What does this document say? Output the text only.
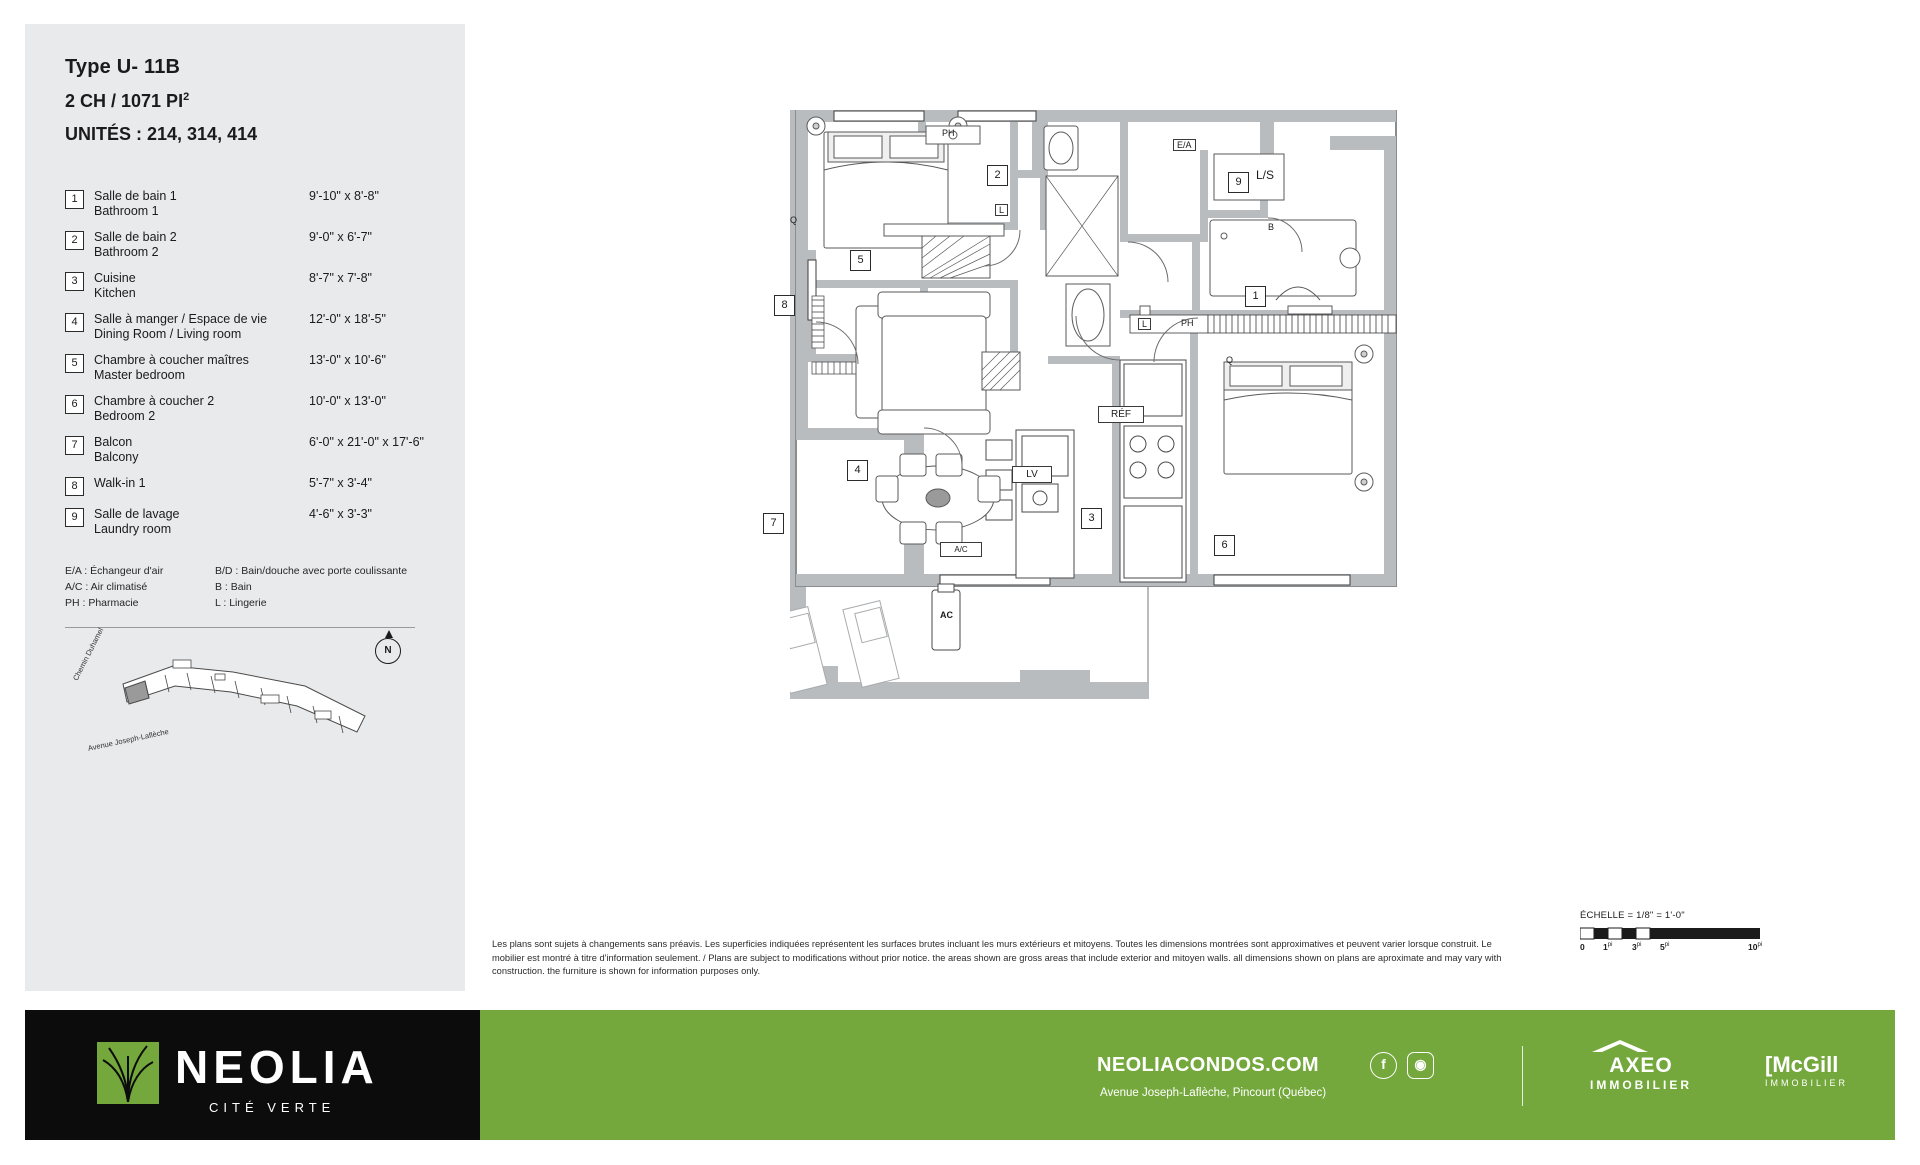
Type U- 11B
2 CH / 1071 $PI^2$
UNITÉS : 214, 314, 414
1	Salle de bain 1
Bathroom 1
9'-10" x 8'-8"
2	Salle de bain 2
Bathroom 2
9'-0" x 6'-7"
3	Cuisine
Kitchen
8'-7" x 7'-8"
4	Salle à manger / Espace de vie
Dining Room / Living room
12'-0" x 18'-5"
5	Chambre à coucher maîtres
Master bedroom
13'-0" x 10'-6"
6	Chambre à coucher 2
Bedroom 2
10'-0" x 13'-0"
7	Balcon
Balcony
6'-0" x 21'-0" x 17'-6"
8	Walk-in 1	5'-7" x 3'-4"
9	Salle de lavage
Laundry room
4'-6" x 3'-3"
E/A : Échangeur d'air
A/C : Air climatisé
PH : Pharmacie
B/D : Bain/douche avec porte coulissante
B : Bain
L : Lingerie
N
Chemin Duhamel
Avenue Joseph-Laflèche
1
2
3
4
5
6
7
8
9
PH
L
E/A
L/S
B
L	PH
Q
Q
RÉF
LV
A/C
AC
Les plans sont sujets à changements sans préavis. Les superficies indiquées représentent les surfaces brutes incluant les murs extérieurs et mitoyens. Toutes les dimensions montrées sont approximatives et peuvent varier lorsque construit. Le mobilier est montré à titre d'information seulement. / Plans are subject to modifications without prior notice. the areas shown are gross areas that include exterior and mitoyen walls. all dimensions shown on plans are aproximate and may vary with construction. the furniture is shown for information purposes only.
ÉCHELLE = 1/8" = 1'-0"
0 $1^{pi}$ $3^{pi}$ $5^{pi}$	$10^{pi}$
NEOLIA
CITÉ VERTE
NEOLIACONDOS.COM
Avenue Joseph-Laflèche, Pincourt (Québec)
f	◉	AXEO
IMMOBILIER
[McGill
IMMOBILIER
